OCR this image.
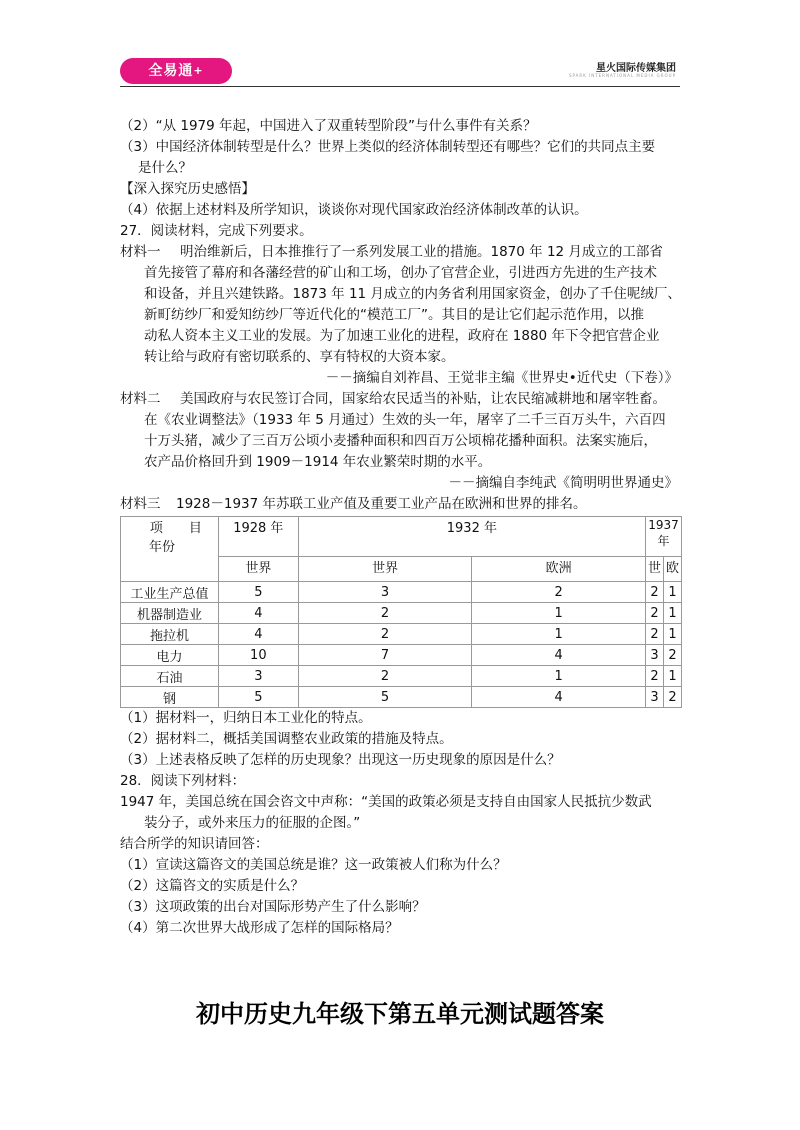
全易通+	星火国际传媒集团
SPARK INTERNATIONAL MEDIA GROUP
（2）“从 1979 年起，中国进入了双重转型阶段”与什么事件有关系？
（3）中国经济体制转型是什么？世界上类似的经济体制转型还有哪些？它们的共同点主要
是什么？
【深入探究历史感悟】
（4）依据上述材料及所学知识，谈谈你对现代国家政治经济体制改革的认识。
27．阅读材料，完成下列要求。
材料一 明治维新后，日本推推行了一系列发展工业的措施。1870 年 12 月成立的工部省
首先接管了幕府和各藩经营的矿山和工场，创办了官营企业，引进西方先进的生产技术
和设备，并且兴建铁路。1873 年 11 月成立的内务省利用国家资金，创办了千住呢绒厂、
新町纺纱厂和爱知纺纱厂等近代化的“模范工厂”。其目的是让它们起示范作用，以推
动私人资本主义工业的发展。为了加速工业化的进程，政府在 1880 年下令把官营企业
转让给与政府有密切联系的、享有特权的大资本家。
－－摘编自刘祚昌、王觉非主编《世界史•近代史（下卷）》
材料二 美国政府与农民签订合同，国家给农民适当的补贴，让农民缩减耕地和屠宰牲畜。
在《农业调整法》（1933 年 5 月通过）生效的头一年，屠宰了二千三百万头牛，六百四
十万头猪，减少了三百万公顷小麦播种面积和四百万公顷棉花播种面积。法案实施后，
农产品价格回升到 1909－1914 年农业繁荣时期的水平。
－－摘编自李纯武《简明明世界通史》
材料三 1928－1937 年苏联工业产值及重要工业产品在欧洲和世界的排名。
项　　目
年份	1928 年	1932 年		1937 年	
	世界	世界	欧洲	世	欧
工业生产总值	5	3	2	2	1
机器制造业	4	2	1	2	1
拖拉机	4	2	1	2	1
电力	10	7	4	3	2
石油	3	2	1	2	1
钢	5	5	4	3	2
（1）据材料一，归纳日本工业化的特点。
（2）据材料二，概括美国调整农业政策的措施及特点。
（3）上述表格反映了怎样的历史现象？出现这一历史现象的原因是什么？
28．阅读下列材料：
1947 年，美国总统在国会咨文中声称：“美国的政策必须是支持自由国家人民抵抗少数武
装分子，或外来压力的征服的企图。”
结合所学的知识请回答：
（1）宣读这篇咨文的美国总统是谁？这一政策被人们称为什么？
（2）这篇咨文的实质是什么？
（3）这项政策的出台对国际形势产生了什么影响？
（4）第二次世界大战形成了怎样的国际格局？
初中历史九年级下第五单元测试题答案
